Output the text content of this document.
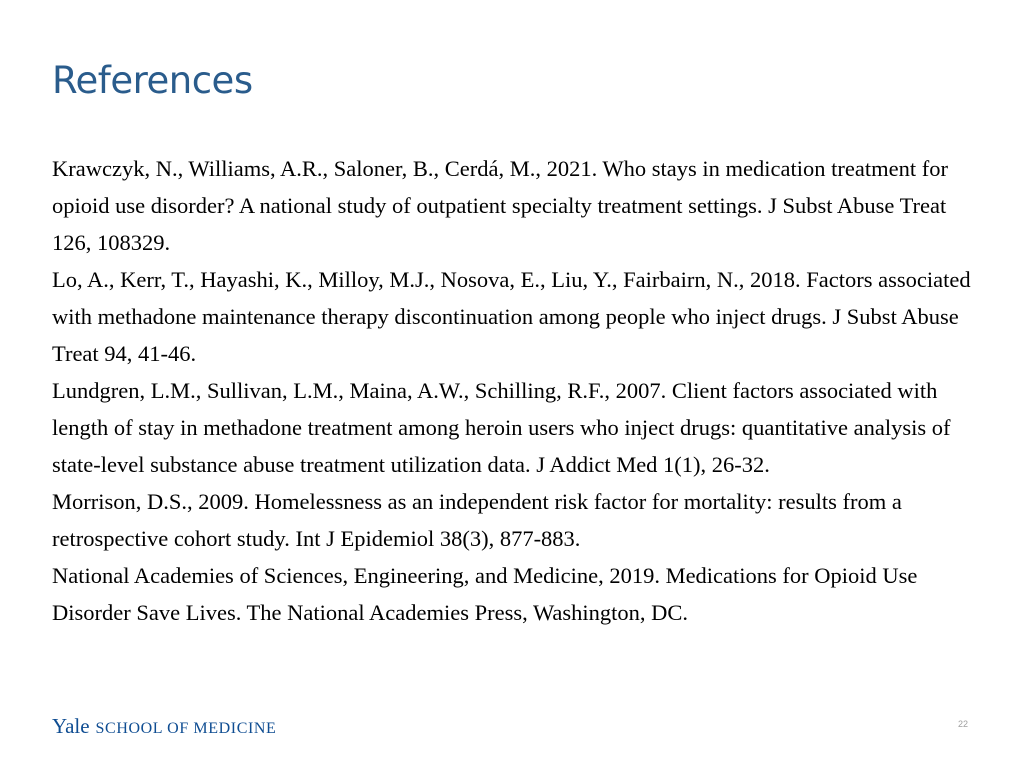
References
Krawczyk, N., Williams, A.R., Saloner, B., Cerdá, M., 2021. Who stays in medication treatment for opioid use disorder? A national study of outpatient specialty treatment settings. J Subst Abuse Treat 126, 108329.
Lo, A., Kerr, T., Hayashi, K., Milloy, M.J., Nosova, E., Liu, Y., Fairbairn, N., 2018. Factors associated with methadone maintenance therapy discontinuation among people who inject drugs. J Subst Abuse Treat 94, 41-46.
Lundgren, L.M., Sullivan, L.M., Maina, A.W., Schilling, R.F., 2007. Client factors associated with length of stay in methadone treatment among heroin users who inject drugs: quantitative analysis of state-level substance abuse treatment utilization data. J Addict Med 1(1), 26-32.
Morrison, D.S., 2009. Homelessness as an independent risk factor for mortality: results from a retrospective cohort study. Int J Epidemiol 38(3), 877-883.
National Academies of Sciences, Engineering, and Medicine, 2019. Medications for Opioid Use Disorder Save Lives. The National Academies Press, Washington, DC.
Yale SCHOOL OF MEDICINE	22
